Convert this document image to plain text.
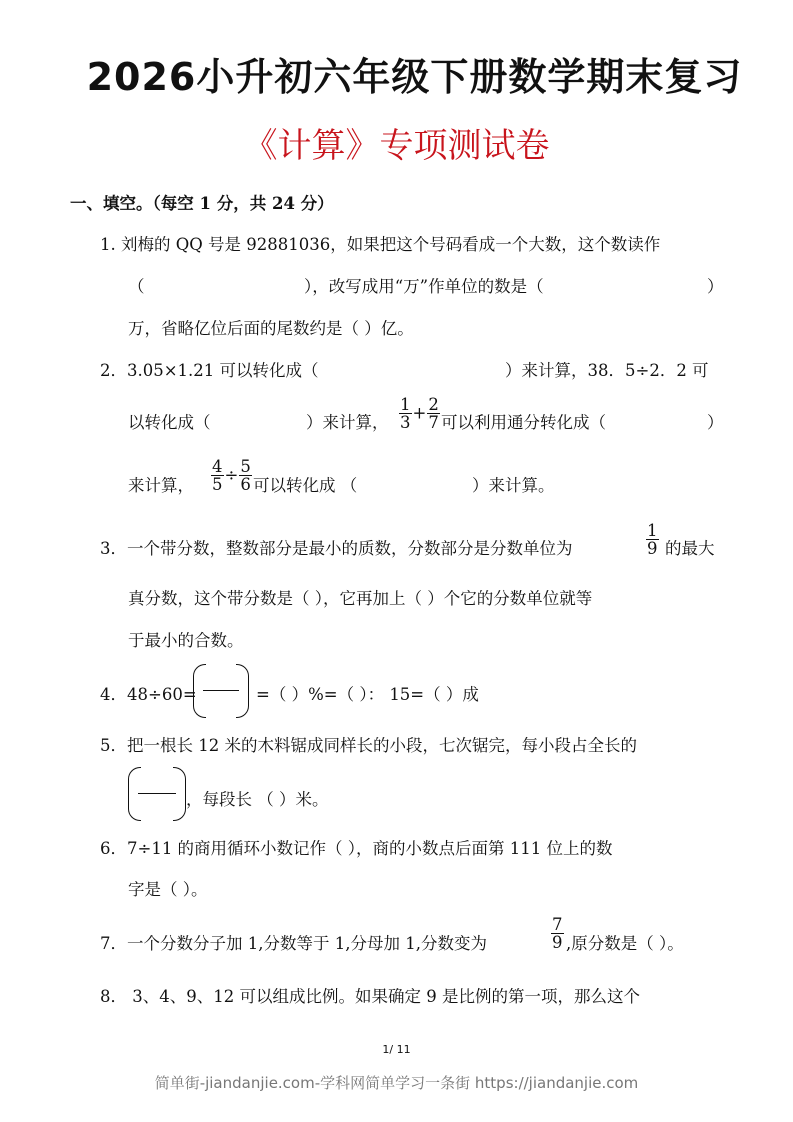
2026小升初六年级下册数学期末复习
《计算》专项测试卷
一、填空。（每空 1 分，共 24 分）
1. 刘梅的 QQ 号是 92881036，如果把这个号码看成一个大数，这个数读作
（	），改写成用“万”作单位的数是（	）
万，省略亿位后面的尾数约是（ ）亿。
2．3.05×1.21 可以转化成（	）来计算，38．5÷2．2 可
以转化成（	）来计算， $\frac{1}{3} + \frac{2}{7}$ 可以利用通分转化成（	）
来计算， $\frac{4}{5} \div \frac{5}{6}$ 可以转化成 （	）来计算。
3．一个带分数，整数部分是最小的质数，分数部分是分数单位为	$\frac{1}{9}$ 的最大
真分数，这个带分数是（ ），它再加上（ ）个它的分数单位就等
于最小的合数。
4．48÷60=	=（ ）%=（ ）： 15=（ ）成
5．把一根长 12 米的木料锯成同样长的小段，七次锯完，每小段占全长的
，每段长 （ ）米。
6．7÷11 的商用循环小数记作（ ），商的小数点后面第 111 位上的数
字是（ ）。
7．一个分数分子加 1,分数等于 1,分母加 1,分数变为	$\frac{7}{9}$ ,原分数是（ ）。
8． 3、4、9、12 可以组成比例。如果确定 9 是比例的第一项，那么这个
1/ 11
简单街-jiandanjie.com-学科网简单学习一条街 https://jiandanjie.com
